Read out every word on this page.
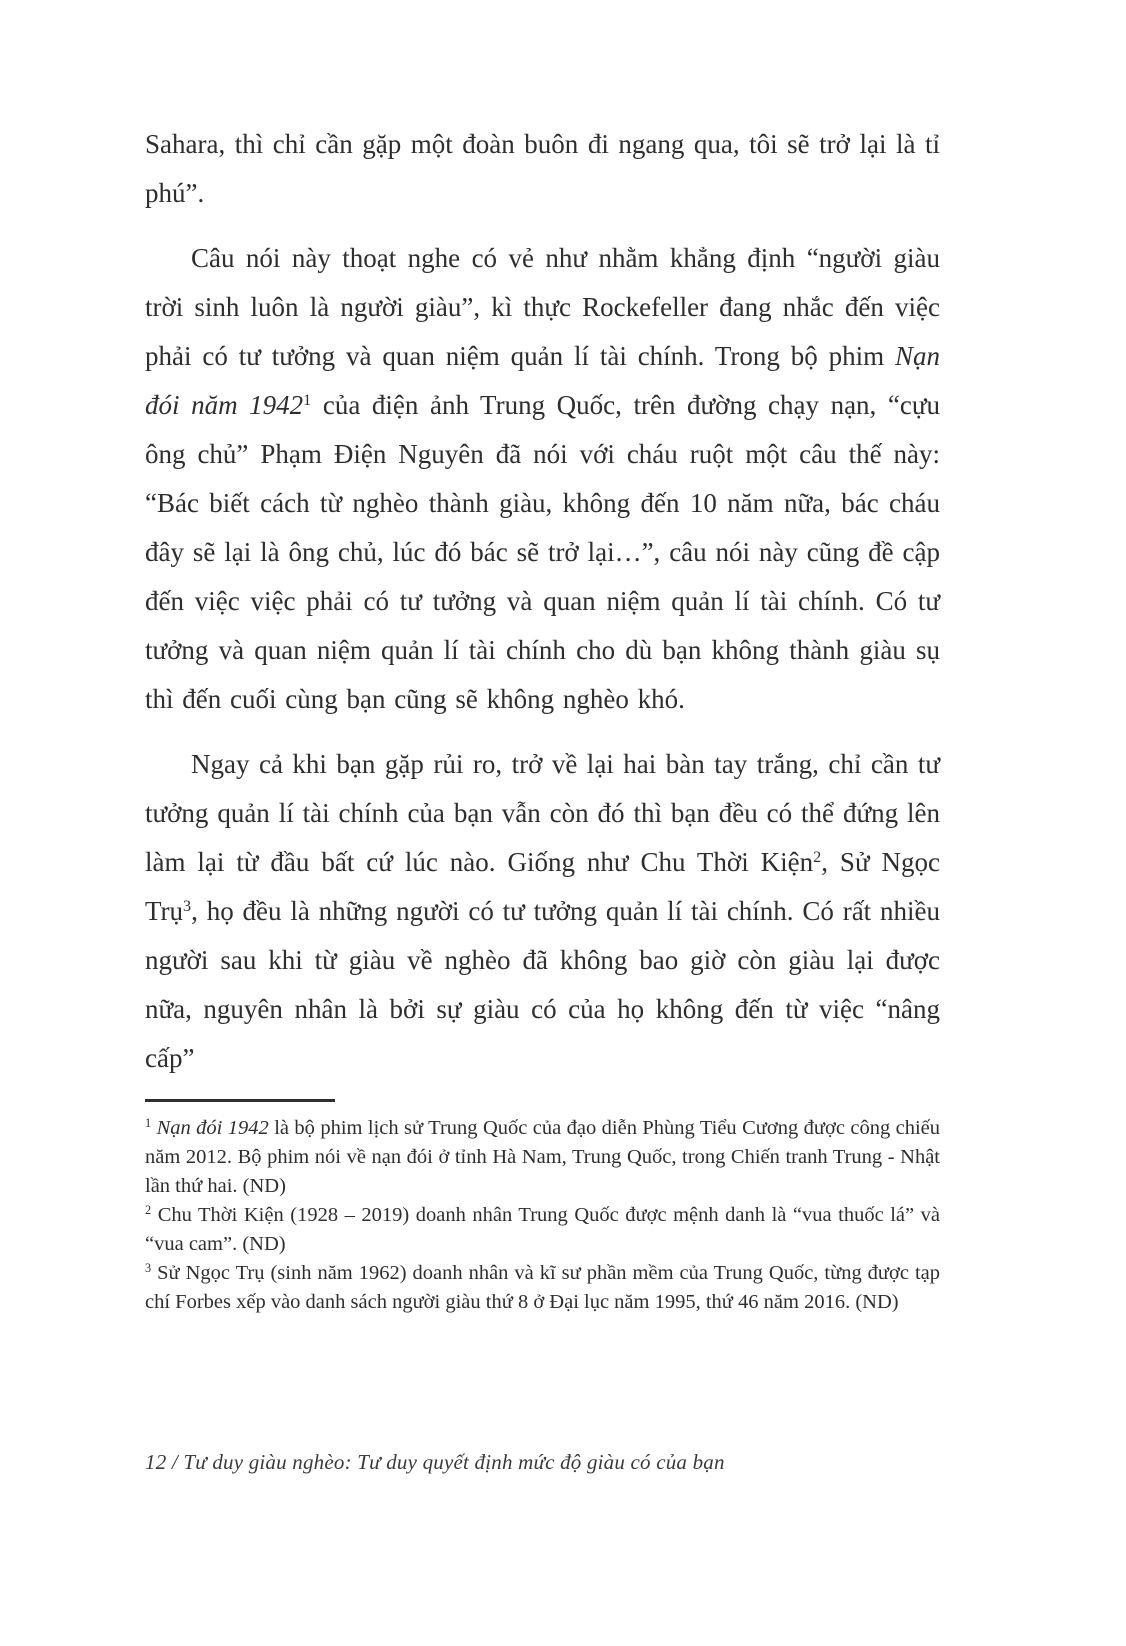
Sahara, thì chỉ cần gặp một đoàn buôn đi ngang qua, tôi sẽ trở lại là tỉ phú”.

Câu nói này thoạt nghe có vẻ như nhằm khẳng định “người giàu trời sinh luôn là người giàu”, kì thực Rockefeller đang nhắc đến việc phải có tư tưởng và quan niệm quản lí tài chính. Trong bộ phim Nạn đói năm 1942$^1$ của điện ảnh Trung Quốc, trên đường chạy nạn, “cựu ông chủ” Phạm Điện Nguyên đã nói với cháu ruột một câu thế này: “Bác biết cách từ nghèo thành giàu, không đến 10 năm nữa, bác cháu đây sẽ lại là ông chủ, lúc đó bác sẽ trở lại…”, câu nói này cũng đề cập đến việc việc phải có tư tưởng và quan niệm quản lí tài chính. Có tư tưởng và quan niệm quản lí tài chính cho dù bạn không thành giàu sụ thì đến cuối cùng bạn cũng sẽ không nghèo khó.

Ngay cả khi bạn gặp rủi ro, trở về lại hai bàn tay trắng, chỉ cần tư tưởng quản lí tài chính của bạn vẫn còn đó thì bạn đều có thể đứng lên làm lại từ đầu bất cứ lúc nào. Giống như Chu Thời Kiện$^2$, Sử Ngọc Trụ$^3$, họ đều là những người có tư tưởng quản lí tài chính. Có rất nhiều người sau khi từ giàu về nghèo đã không bao giờ còn giàu lại được nữa, nguyên nhân là bởi sự giàu có của họ không đến từ việc “nâng cấp”

$^1$ Nạn đói 1942 là bộ phim lịch sử Trung Quốc của đạo diễn Phùng Tiểu Cương được công chiếu năm 2012. Bộ phim nói về nạn đói ở tỉnh Hà Nam, Trung Quốc, trong Chiến tranh Trung - Nhật lần thứ hai. (ND)

$^2$ Chu Thời Kiện (1928 – 2019) doanh nhân Trung Quốc được mệnh danh là “vua thuốc lá” và “vua cam”. (ND)

$^3$ Sử Ngọc Trụ (sinh năm 1962) doanh nhân và kĩ sư phần mềm của Trung Quốc, từng được tạp chí Forbes xếp vào danh sách người giàu thứ 8 ở Đại lục năm 1995, thứ 46 năm 2016. (ND)

12 / Tư duy giàu nghèo: Tư duy quyết định mức độ giàu có của bạn
